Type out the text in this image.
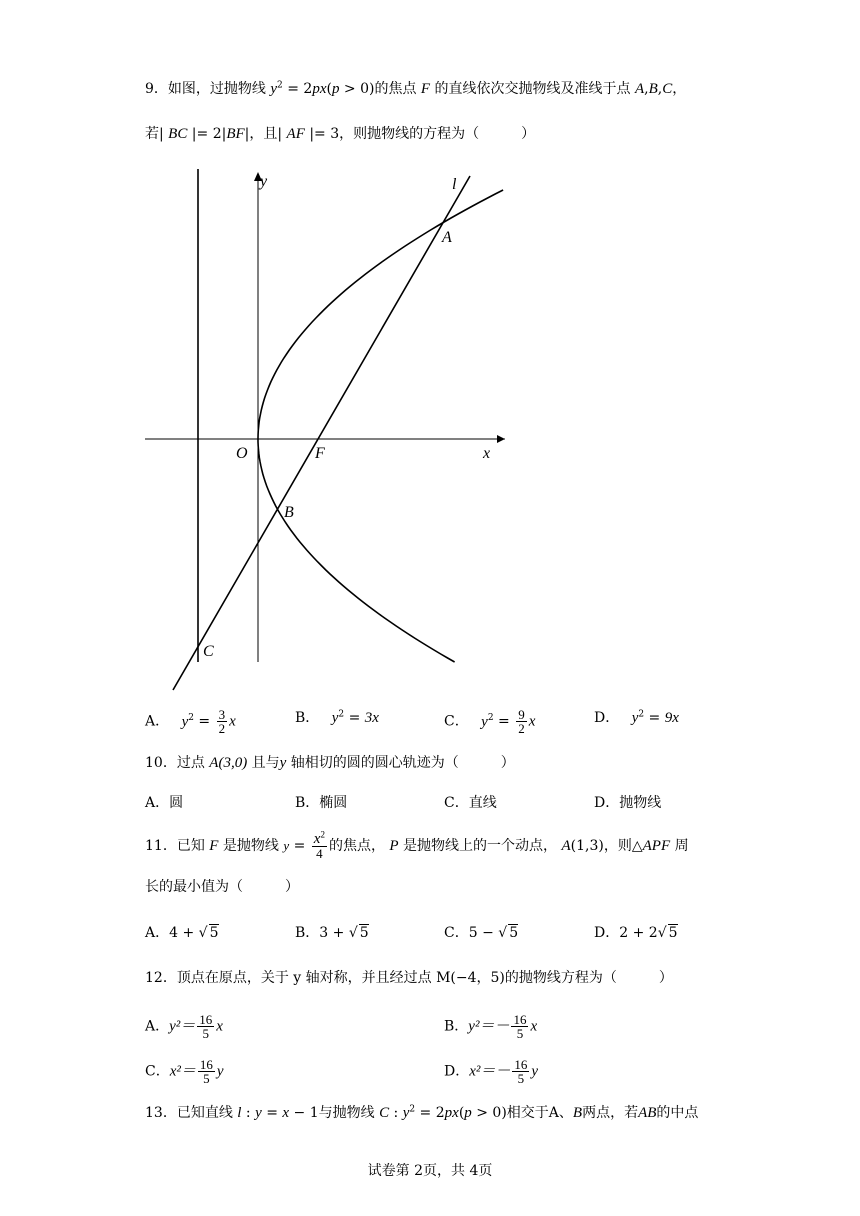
9．如图，过抛物线 $y^2 = 2px(p > 0)$的焦点 F 的直线依次交抛物线及准线于点 A,B,C，
若| BC |= 2|BF|，且| AF |= 3，则抛物线的方程为（　　　）
y
x
l
O	F
A
B
C
A． $y^2 = \frac{3}{2}$ x	B． $y^2 = 3x$	C． $y^2 = \frac{9}{2}$ x	D． $y^2 = 9x$
10．过点 A(3,0) 且与y 轴相切的圆的圆心轨迹为（　　　）
A．圆	B．椭圆	C．直线	D．抛物线
11．已知 F 是抛物线 $y = \frac{x^2}{4}$ 的焦点， P 是抛物线上的一个动点， A(1,3)，则△APF 周
长的最小值为（　　　）
A．4 + √ 5	B．3 + √ 5	C．5 − √ 5	D．2 + 2√ 5
12．顶点在原点，关于 y 轴对称，并且经过点 M(−4，5)的抛物线方程为（　　　）
A．$y^2= \frac{16}{5}$ x	B．$y^2=- \frac{16}{5}$ x
C．$x^2= \frac{16}{5}$ y	D．$x^2=- \frac{16}{5}$ y
13．已知直线 l : y = x − 1与抛物线 C : $y^2 = 2px(p > 0)$相交于A、B两点，若AB的中点
试卷第 2页，共 4页
